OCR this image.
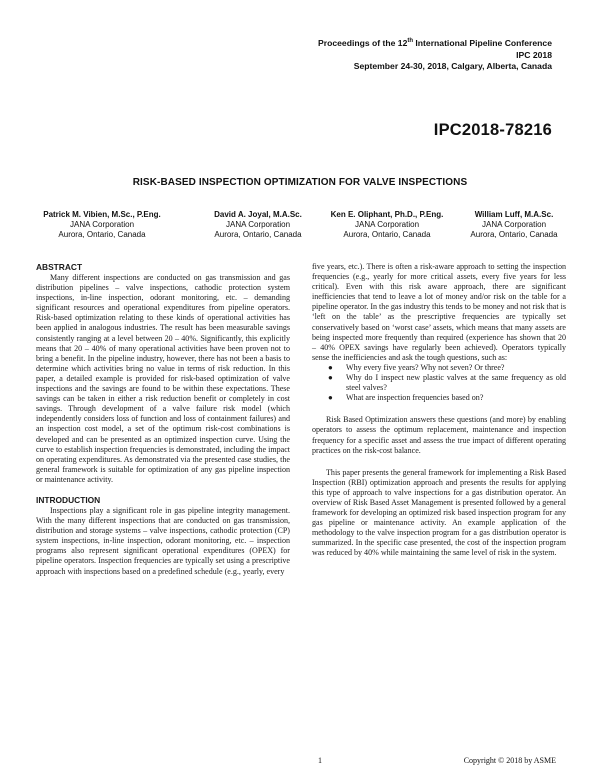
Proceedings of the 12th International Pipeline Conference
IPC 2018
September 24-30, 2018, Calgary, Alberta, Canada
IPC2018-78216
RISK-BASED INSPECTION OPTIMIZATION FOR VALVE INSPECTIONS
Patrick M. Vibien, M.Sc., P.Eng.
JANA Corporation
Aurora, Ontario, Canada
David A. Joyal, M.A.Sc.
JANA Corporation
Aurora, Ontario, Canada
Ken E. Oliphant, Ph.D., P.Eng.
JANA Corporation
Aurora, Ontario, Canada
William Luff, M.A.Sc.
JANA Corporation
Aurora, Ontario, Canada
ABSTRACT

Many different inspections are conducted on gas transmission and gas distribution pipelines – valve inspections, cathodic protection system inspections, in-line inspection, odorant monitoring, etc. – demanding significant resources and operational expenditures from pipeline operators. Risk-based optimization relating to these kinds of operational activities has been applied in analogous industries. The result has been measurable savings consistently ranging at a level between 20 – 40%. Significantly, this explicitly means that 20 – 40% of many operational activities have been proven not to bring a benefit. In the pipeline industry, however, there has not been a basis to determine which activities bring no value in terms of risk reduction. In this paper, a detailed example is provided for risk-based optimization of valve inspections and the savings are found to be within these expectations. These savings can be taken in either a risk reduction benefit or completely in cost savings. Through development of a valve failure risk model (which independently considers loss of function and loss of containment failures) and an inspection cost model, a set of the optimum risk-cost combinations is developed and can be presented as an optimized inspection curve. Using the curve to establish inspection frequencies is demonstrated, including the impact on operating expenditures. As demonstrated via the presented case studies, the general framework is suitable for optimization of any gas pipeline inspection or maintenance activity.

INTRODUCTION

Inspections play a significant role in gas pipeline integrity management. With the many different inspections that are conducted on gas transmission, distribution and storage systems – valve inspections, cathodic protection (CP) system inspections, in-line inspection, odorant monitoring, etc. – inspection programs also represent significant operational expenditures (OPEX) for pipeline operators. Inspection frequencies are typically set using a prescriptive approach with inspections based on a predefined schedule (e.g., yearly, every

five years, etc.). There is often a risk-aware approach to setting the inspection frequencies (e.g., yearly for more critical assets, every five years for less critical). Even with this risk aware approach, there are significant inefficiencies that tend to leave a lot of money and/or risk on the table for a pipeline operator. In the gas industry this tends to be money and not risk that is ‘left on the table’ as the prescriptive frequencies are typically set conservatively based on ‘worst case’ assets, which means that many assets are being inspected more frequently than required (experience has shown that 20 – 40% OPEX savings have regularly been achieved). Operators typically sense the inefficiencies and ask the tough questions, such as:

● Why every five years? Why not seven? Or three?
● Why do I inspect new plastic valves at the same frequency as old steel valves?
● What are inspection frequencies based on?

Risk Based Optimization answers these questions (and more) by enabling operators to assess the optimum replacement, maintenance and inspection frequency for a specific asset and assess the true impact of different operating practices on the risk-cost balance.

This paper presents the general framework for implementing a Risk Based Inspection (RBI) optimization approach and presents the results for applying this type of approach to valve inspections for a gas distribution operator. An overview of Risk Based Asset Management is presented followed by a general framework for developing an optimized risk based inspection program for any gas pipeline or maintenance activity. An example application of the methodology to the valve inspection program for a gas distribution operator is summarized. In the specific case presented, the cost of the inspection program was reduced by 40% while maintaining the same level of risk in the system.

1	Copyright © 2018 by ASME
